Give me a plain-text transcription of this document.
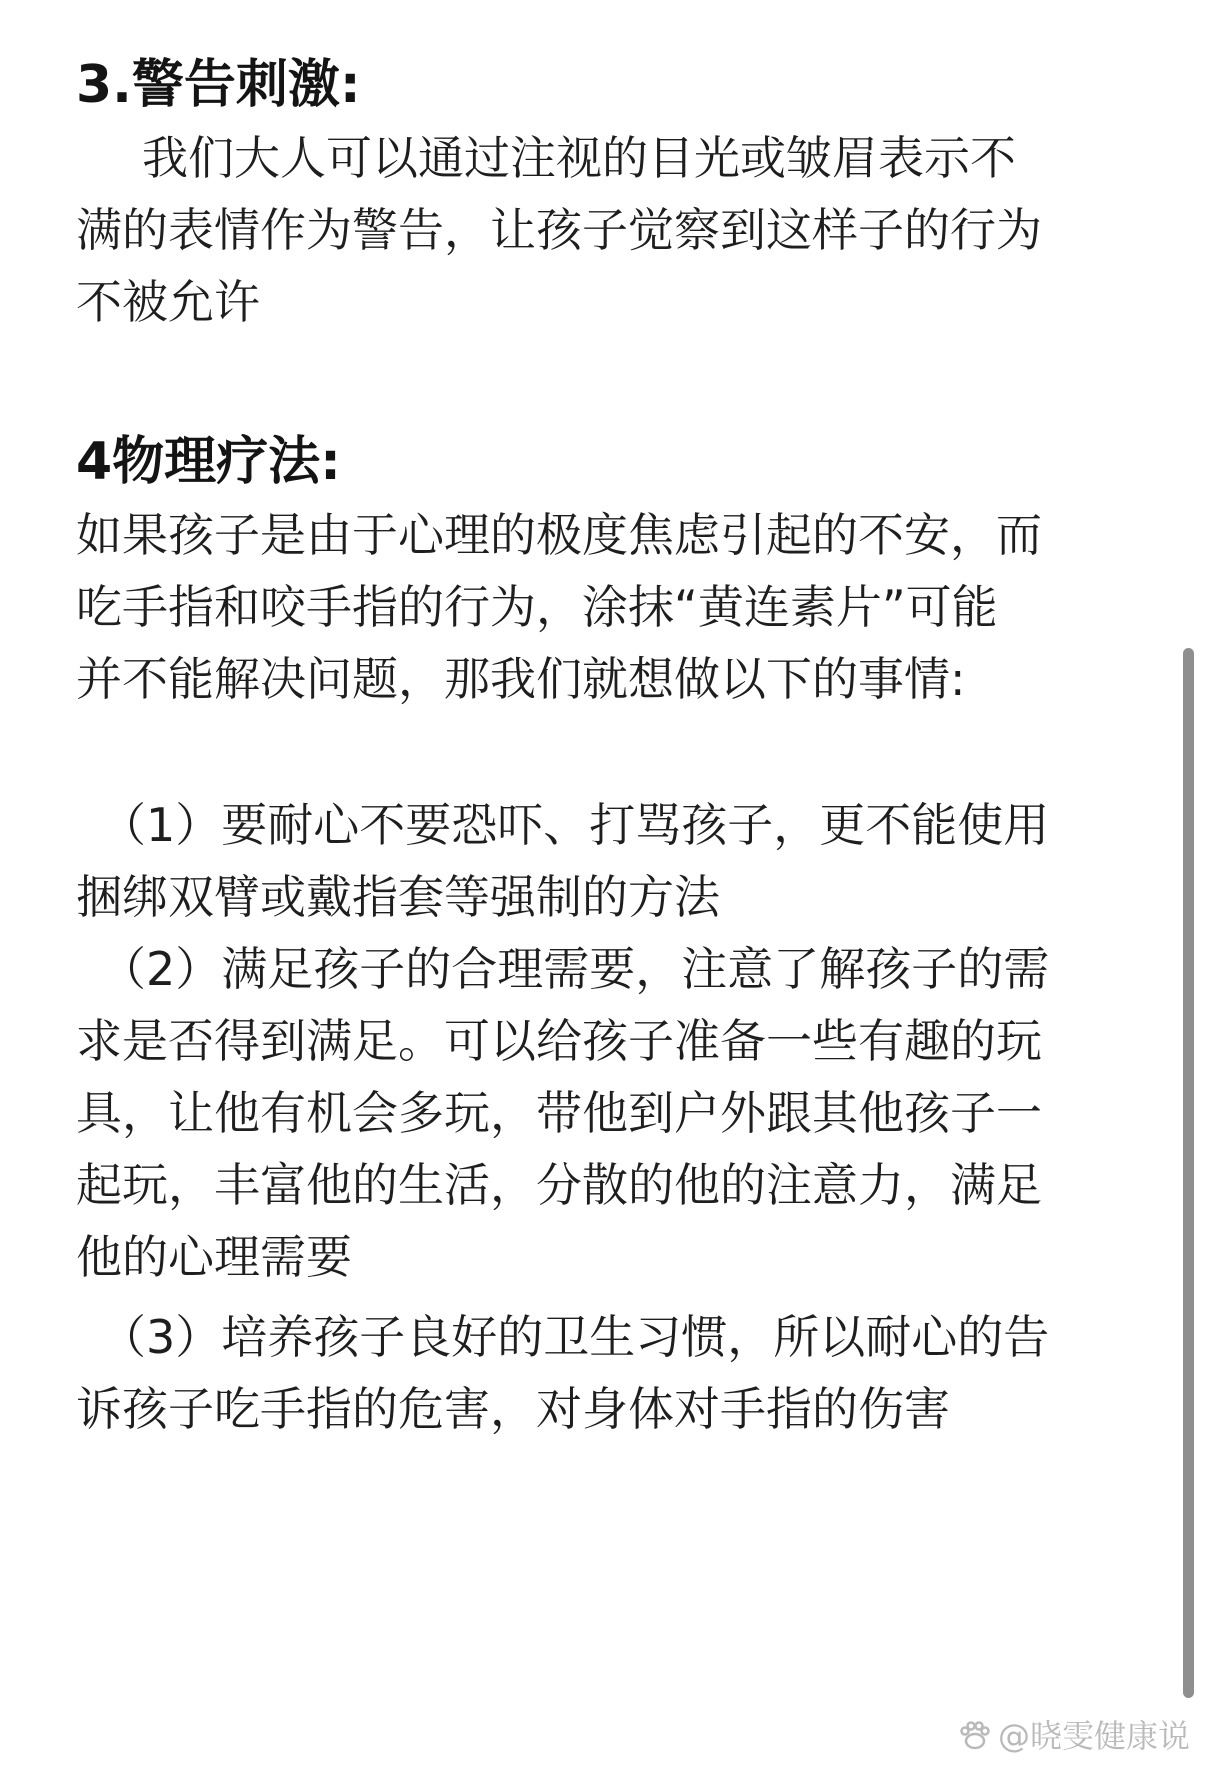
3.警告刺激:
我们大人可以通过注视的目光或皱眉表示不
满的表情作为警告，让孩子觉察到这样子的行为
不被允许
4物理疗法:
如果孩子是由于心理的极度焦虑引起的不安，而
吃手指和咬手指的行为，涂抹“黄连素片”可能
并不能解决问题，那我们就想做以下的事情:
（1）要耐心不要恐吓、打骂孩子，更不能使用
捆绑双臂或戴指套等强制的方法
（2）满足孩子的合理需要，注意了解孩子的需
求是否得到满足。可以给孩子准备一些有趣的玩
具，让他有机会多玩，带他到户外跟其他孩子一
起玩，丰富他的生活，分散的他的注意力，满足
他的心理需要
（3）培养孩子良好的卫生习惯，所以耐心的告
诉孩子吃手指的危害，对身体对手指的伤害
@晓雯健康说
